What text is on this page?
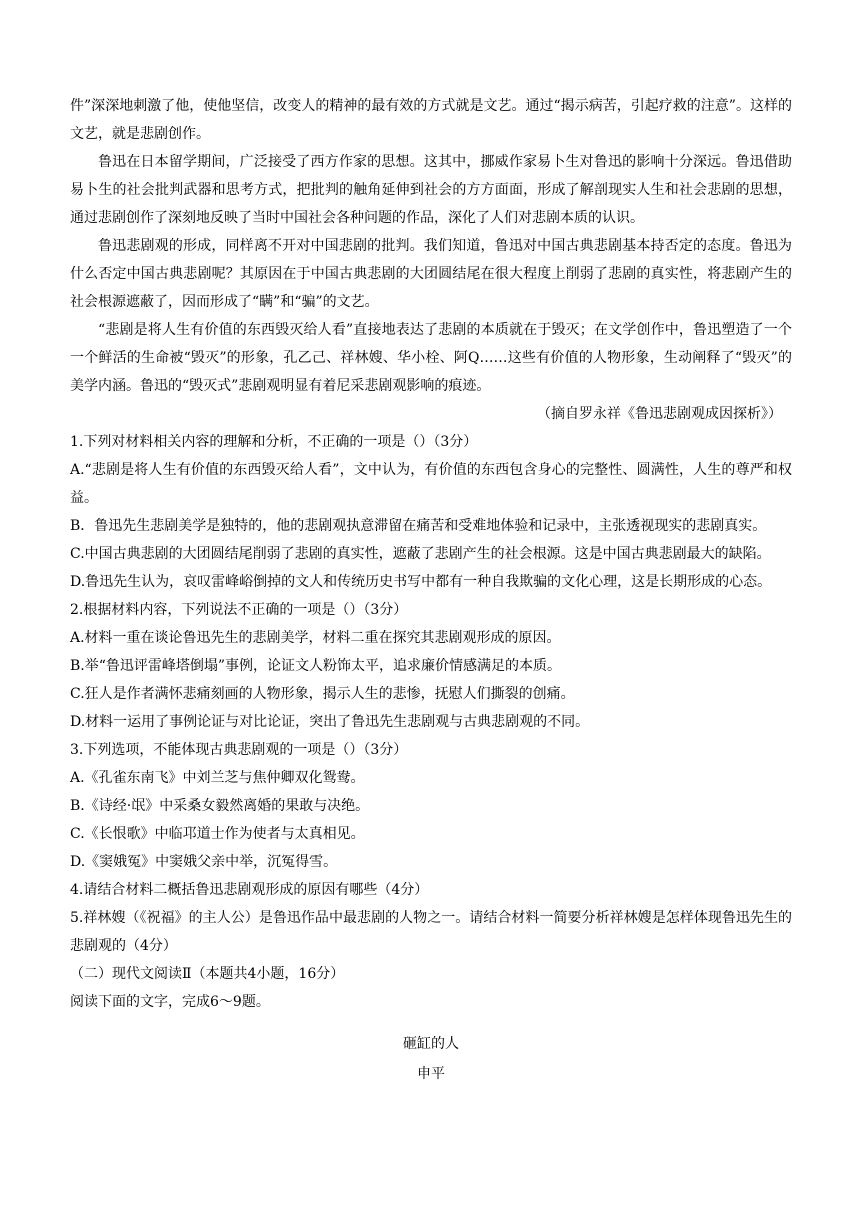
件”深深地刺激了他，使他坚信，改变人的精神的最有效的方式就是文艺。通过“揭示病苦，引起疗救的注意”。这样的文艺，就是悲剧创作。

鲁迅在日本留学期间，广泛接受了西方作家的思想。这其中，挪威作家易卜生对鲁迅的影响十分深远。鲁迅借助易卜生的社会批判武器和思考方式，把批判的触角延伸到社会的方方面面，形成了解剖现实人生和社会悲剧的思想，通过悲剧创作了深刻地反映了当时中国社会各种问题的作品，深化了人们对悲剧本质的认识。

鲁迅悲剧观的形成，同样离不开对中国悲剧的批判。我们知道，鲁迅对中国古典悲剧基本持否定的态度。鲁迅为什么否定中国古典悲剧呢？其原因在于中国古典悲剧的大团圆结尾在很大程度上削弱了悲剧的真实性，将悲剧产生的社会根源遮蔽了，因而形成了“瞒”和“骗”的文艺。

“悲剧是将人生有价值的东西毁灭给人看”直接地表达了悲剧的本质就在于毁灭；在文学创作中，鲁迅塑造了一个一个鲜活的生命被“毁灭”的形象，孔乙己、祥林嫂、华小栓、阿Q……这些有价值的人物形象，生动阐释了“毁灭”的美学内涵。鲁迅的“毁灭式”悲剧观明显有着尼采悲剧观影响的痕迹。

（摘自罗永祥《鲁迅悲剧观成因探析》）

1.下列对材料相关内容的理解和分析，不正确的一项是（）（3分）

A.“悲剧是将人生有价值的东西毁灭给人看”，文中认为，有价值的东西包含身心的完整性、圆满性，人生的尊严和权益。

B．鲁迅先生悲剧美学是独特的，他的悲剧观执意滞留在痛苦和受难地体验和记录中，主张透视现实的悲剧真实。

C.中国古典悲剧的大团圆结尾削弱了悲剧的真实性，遮蔽了悲剧产生的社会根源。这是中国古典悲剧最大的缺陷。

D.鲁迅先生认为，哀叹雷峰峪倒掉的文人和传统历史书写中都有一种自我欺骗的文化心理，这是长期形成的心态。

2.根据材料内容，下列说法不正确的一项是（）（3分）

A.材料一重在谈论鲁迅先生的悲剧美学，材料二重在探究其悲剧观形成的原因。

B.举“鲁迅评雷峰塔倒塌”事例，论证文人粉饰太平，追求廉价情感满足的本质。

C.狂人是作者满怀悲痛刻画的人物形象，揭示人生的悲惨，抚慰人们撕裂的创痛。

D.材料一运用了事例论证与对比论证，突出了鲁迅先生悲剧观与古典悲剧观的不同。

3.下列选项，不能体现古典悲剧观的一项是（）（3分）

A.《孔雀东南飞》中刘兰芝与焦仲卿双化鸳鸯。

B.《诗经·氓》中采桑女毅然离婚的果敢与决绝。

C.《长恨歌》中临邛道士作为使者与太真相见。

D.《窦娥冤》中窦娥父亲中举，沉冤得雪。

4.请结合材料二概括鲁迅悲剧观形成的原因有哪些（4分）

5.祥林嫂（《祝福》的主人公）是鲁迅作品中最悲剧的人物之一。请结合材料一简要分析祥林嫂是怎样体现鲁迅先生的悲剧观的（4分）

（二）现代文阅读Ⅱ（本题共4小题，16分）

阅读下面的文字，完成6～9题。

砸缸的人

申平
